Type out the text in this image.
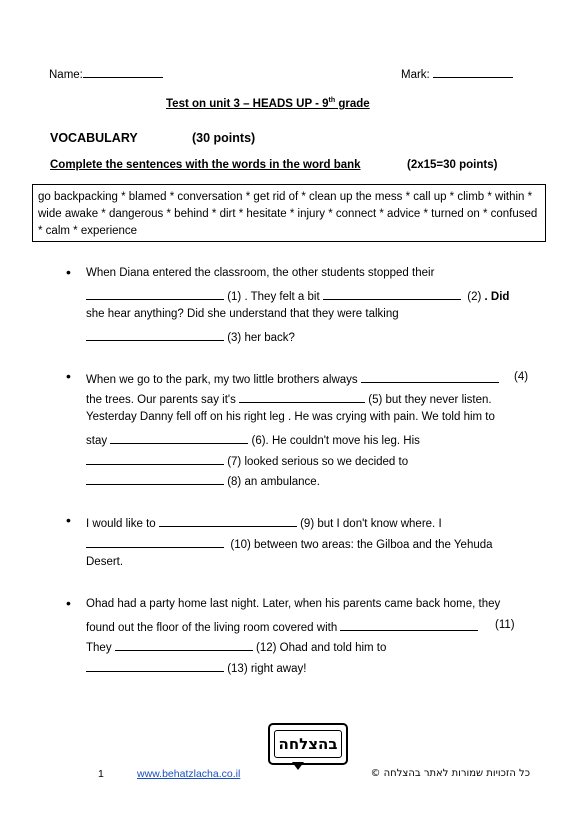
Name:	Mark:
Test on unit 3 – HEADS UP - 9th grade
VOCABULARY	(30 points)
Complete the sentences with the words in the word bank	(2x15=30 points)
go backpacking * blamed * conversation * get rid of * clean up the mess * call up * climb * within * wide awake * dangerous * behind * dirt * hesitate * injury * connect * advice * turned on * confused * calm * experience
• When Diana entered the classroom, the other students stopped their
(1) . They felt a bit	(2) . Did
she hear anything? Did she understand that they were talking
(3) her back?
• When we go to the park, my two little brothers always	(4)
the trees. Our parents say it's	(5) but they never listen.
Yesterday Danny fell off on his right leg . He was crying with pain. We told him to
stay	(6). He couldn't move his leg. His
(7) looked serious so we decided to
(8) an ambulance.
• I would like to	(9) but I don't know where. I
(10) between two areas: the Gilboa and the Yehuda
Desert.
• Ohad had a party home last night. Later, when his parents came back home, they
found out the floor of the living room covered with	(11)
They	(12) Ohad and told him to
(13) right away!
בהצלחה
1	www.behatzlacha.co.il	כל הזכויות שמורות לאתר בהצלחה ©
